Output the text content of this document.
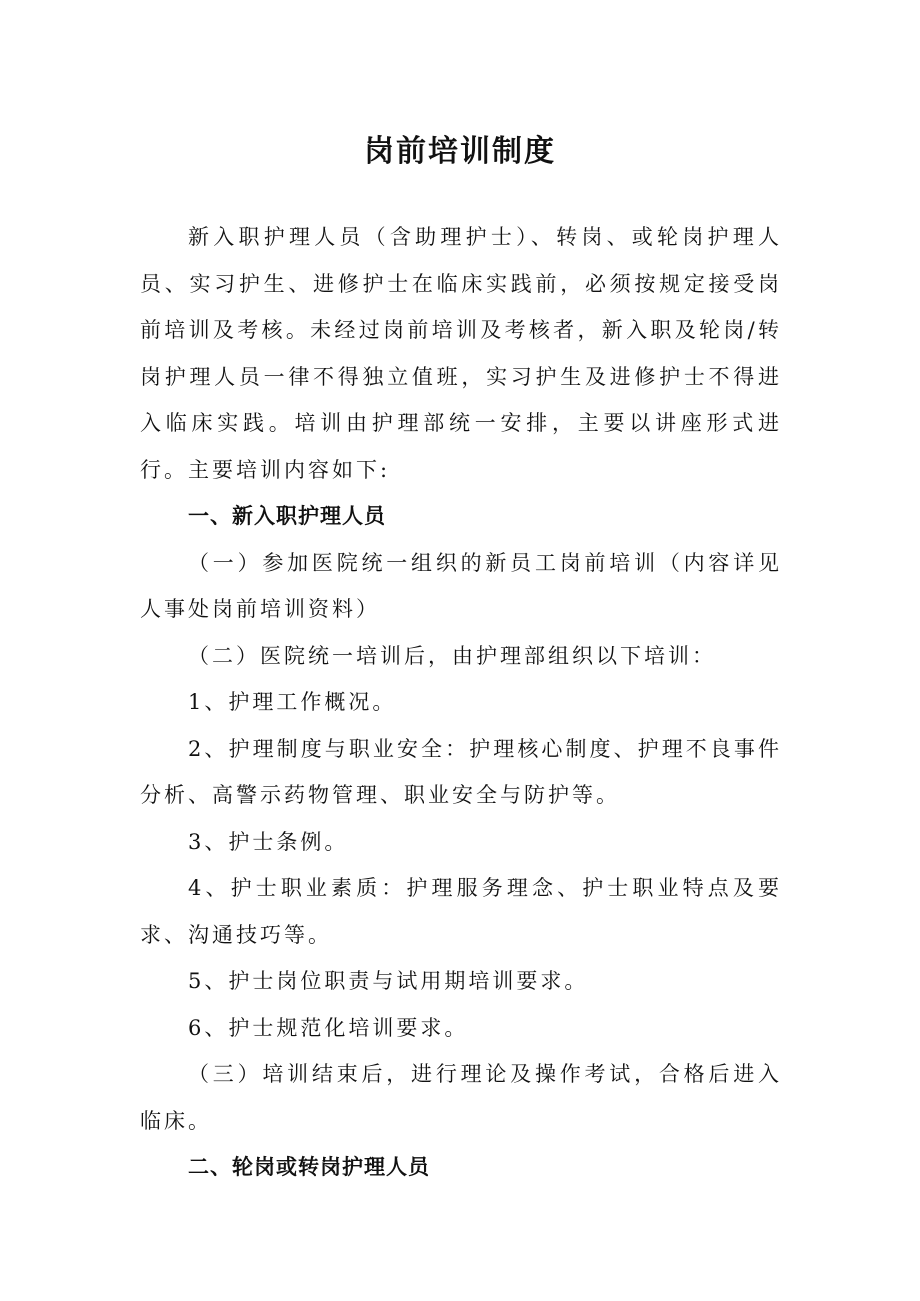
岗前培训制度

新入职护理人员（含助理护士）、转岗、或轮岗护理人员、实习护生、进修护士在临床实践前，必须按规定接受岗前培训及考核。未经过岗前培训及考核者，新入职及轮岗/转岗护理人员一律不得独立值班，实习护生及进修护士不得进入临床实践。培训由护理部统一安排，主要以讲座形式进行。主要培训内容如下:

一、新入职护理人员

（一）参加医院统一组织的新员工岗前培训（内容详见人事处岗前培训资料）

（二）医院统一培训后，由护理部组织以下培训：

1、护理工作概况。

2、护理制度与职业安全：护理核心制度、护理不良事件分析、高警示药物管理、职业安全与防护等。

3、护士条例。

4、护士职业素质：护理服务理念、护士职业特点及要求、沟通技巧等。

5、护士岗位职责与试用期培训要求。

6、护士规范化培训要求。

（三）培训结束后，进行理论及操作考试，合格后进入临床。

二、轮岗或转岗护理人员
